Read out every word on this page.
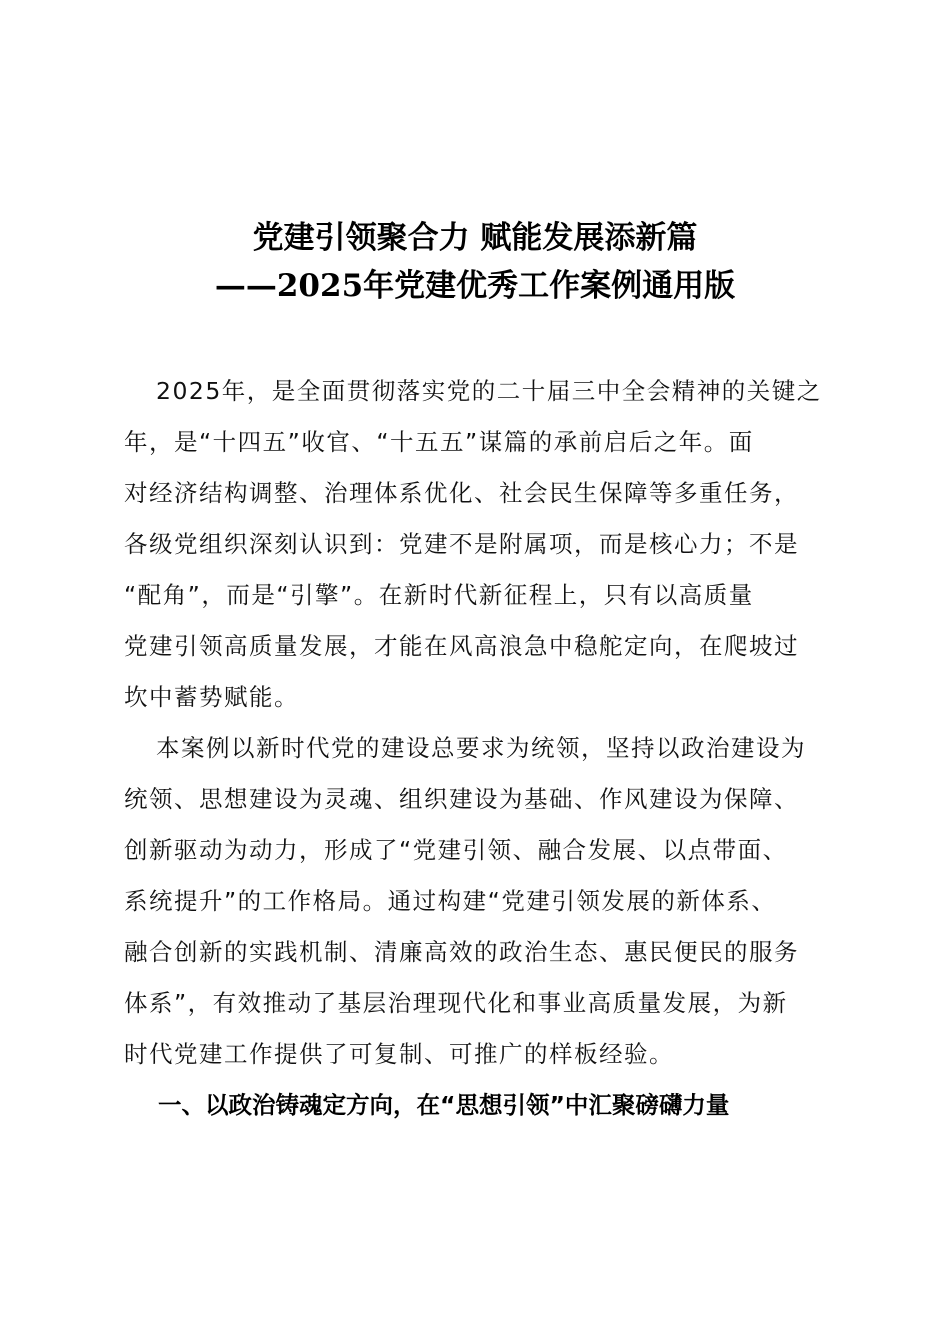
党建引领聚合力 赋能发展添新篇
——2025年党建优秀工作案例通用版
2025年，是全面贯彻落实党的二十届三中全会精神的关键之
年，是“十四五”收官、“十五五”谋篇的承前启后之年。面
对经济结构调整、治理体系优化、社会民生保障等多重任务，
各级党组织深刻认识到：党建不是附属项，而是核心力；不是
“配角”，而是“引擎”。在新时代新征程上，只有以高质量
党建引领高质量发展，才能在风高浪急中稳舵定向，在爬坡过
坎中蓄势赋能。
本案例以新时代党的建设总要求为统领，坚持以政治建设为
统领、思想建设为灵魂、组织建设为基础、作风建设为保障、
创新驱动为动力，形成了“党建引领、融合发展、以点带面、
系统提升”的工作格局。通过构建“党建引领发展的新体系、
融合创新的实践机制、清廉高效的政治生态、惠民便民的服务
体系”，有效推动了基层治理现代化和事业高质量发展，为新
时代党建工作提供了可复制、可推广的样板经验。
一、以政治铸魂定方向，在“思想引领”中汇聚磅礴力量
